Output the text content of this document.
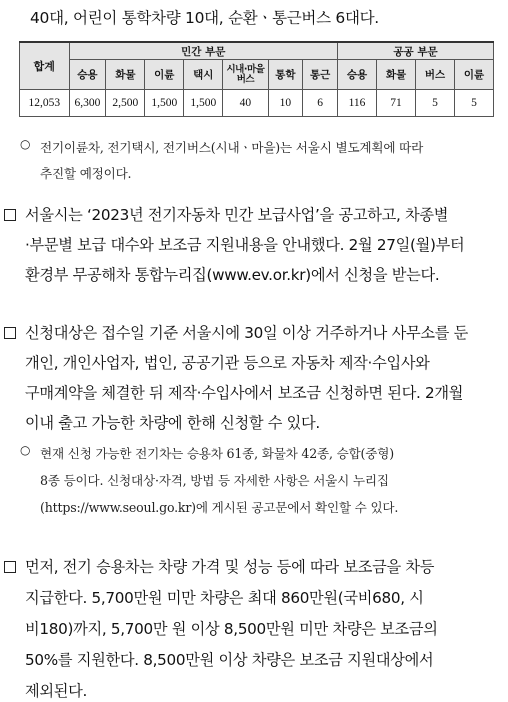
40대, 어린이 통학차량 10대, 순환ㆍ통근버스 6대다.
합계	민간 부문							공공 부문			
	승용	화물	이륜	택시	시내·마을버스	통학	통근	승용	화물	버스	이륜
12,053	6,300	2,500	1,500	1,500	40	10	6	116	71	5	5
○ 전기이륜차, 전기택시, 전기버스(시내ㆍ마을)는 서울시 별도계획에 따라
추진할 예정이다.
서울시는 ‘2023년 전기자동차 민간 보급사업’을 공고하고, 차종별
·부문별 보급 대수와 보조금 지원내용을 안내했다. 2월 27일(월)부터
환경부 무공해차 통합누리집(www.ev.or.kr)에서 신청을 받는다.
신청대상은 접수일 기준 서울시에 30일 이상 거주하거나 사무소를 둔
개인, 개인사업자, 법인, 공공기관 등으로 자동차 제작·수입사와
구매계약을 체결한 뒤 제작·수입사에서 보조금 신청하면 된다. 2개월
이내 출고 가능한 차량에 한해 신청할 수 있다.
○ 현재 신청 가능한 전기차는 승용차 61종, 화물차 42종, 승합(중형)
8종 등이다. 신청대상·자격, 방법 등 자세한 사항은 서울시 누리집
(https://www.seoul.go.kr)에 게시된 공고문에서 확인할 수 있다.
먼저, 전기 승용차는 차량 가격 및 성능 등에 따라 보조금을 차등
지급한다. 5,700만원 미만 차량은 최대 860만원(국비680, 시
비180)까지, 5,700만 원 이상 8,500만원 미만 차량은 보조금의
50%를 지원한다. 8,500만원 이상 차량은 보조금 지원대상에서
제외된다.
